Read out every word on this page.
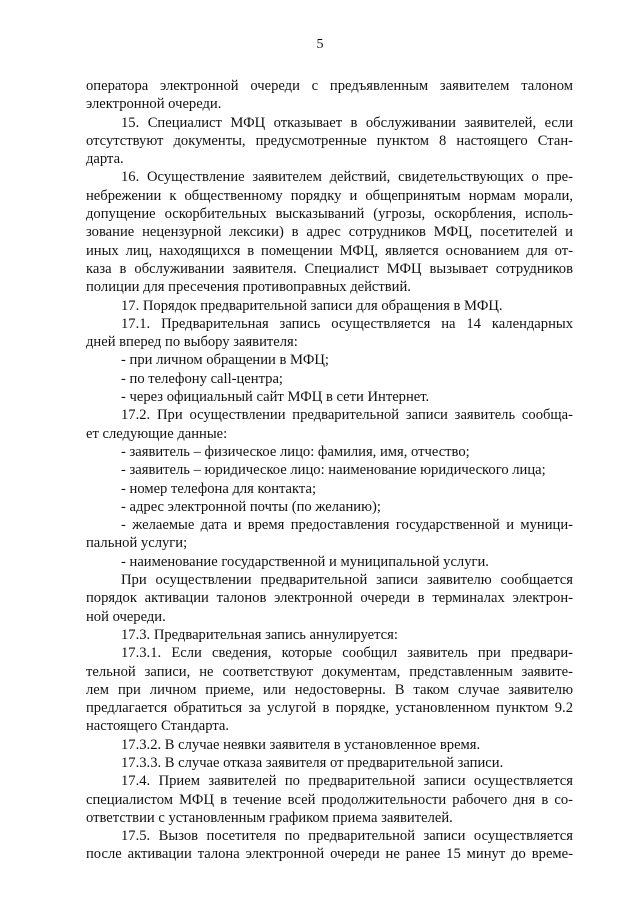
5
оператора электронной очереди с предъявленным заявителем талоном
электронной очереди.
15. Специалист МФЦ отказывает в обслуживании заявителей, если
отсутствуют документы, предусмотренные пунктом 8 настоящего Стан-
дарта.
16. Осуществление заявителем действий, свидетельствующих о пре-
небрежении к общественному порядку и общепринятым нормам морали,
допущение оскорбительных высказываний (угрозы, оскорбления, исполь-
зование нецензурной лексики) в адрес сотрудников МФЦ, посетителей и
иных лиц, находящихся в помещении МФЦ, является основанием для от-
каза в обслуживании заявителя. Специалист МФЦ вызывает сотрудников
полиции для пресечения противоправных действий.
17. Порядок предварительной записи для обращения в МФЦ.
17.1. Предварительная запись осуществляется на 14 календарных
дней вперед по выбору заявителя:
- при личном обращении в МФЦ;
- по телефону call-центра;
- через официальный сайт МФЦ в сети Интернет.
17.2. При осуществлении предварительной записи заявитель сообща-
ет следующие данные:
- заявитель – физическое лицо: фамилия, имя, отчество;
- заявитель – юридическое лицо: наименование юридического лица;
- номер телефона для контакта;
- адрес электронной почты (по желанию);
- желаемые дата и время предоставления государственной и муници-
пальной услуги;
- наименование государственной и муниципальной услуги.
При осуществлении предварительной записи заявителю сообщается
порядок активации талонов электронной очереди в терминалах электрон-
ной очереди.
17.3. Предварительная запись аннулируется:
17.3.1. Если сведения, которые сообщил заявитель при предвари-
тельной записи, не соответствуют документам, представленным заявите-
лем при личном приеме, или недостоверны. В таком случае заявителю
предлагается обратиться за услугой в порядке, установленном пунктом 9.2
настоящего Стандарта.
17.3.2. В случае неявки заявителя в установленное время.
17.3.3. В случае отказа заявителя от предварительной записи.
17.4. Прием заявителей по предварительной записи осуществляется
специалистом МФЦ в течение всей продолжительности рабочего дня в со-
ответствии с установленным графиком приема заявителей.
17.5. Вызов посетителя по предварительной записи осуществляется
после активации талона электронной очереди не ранее 15 минут до време-
